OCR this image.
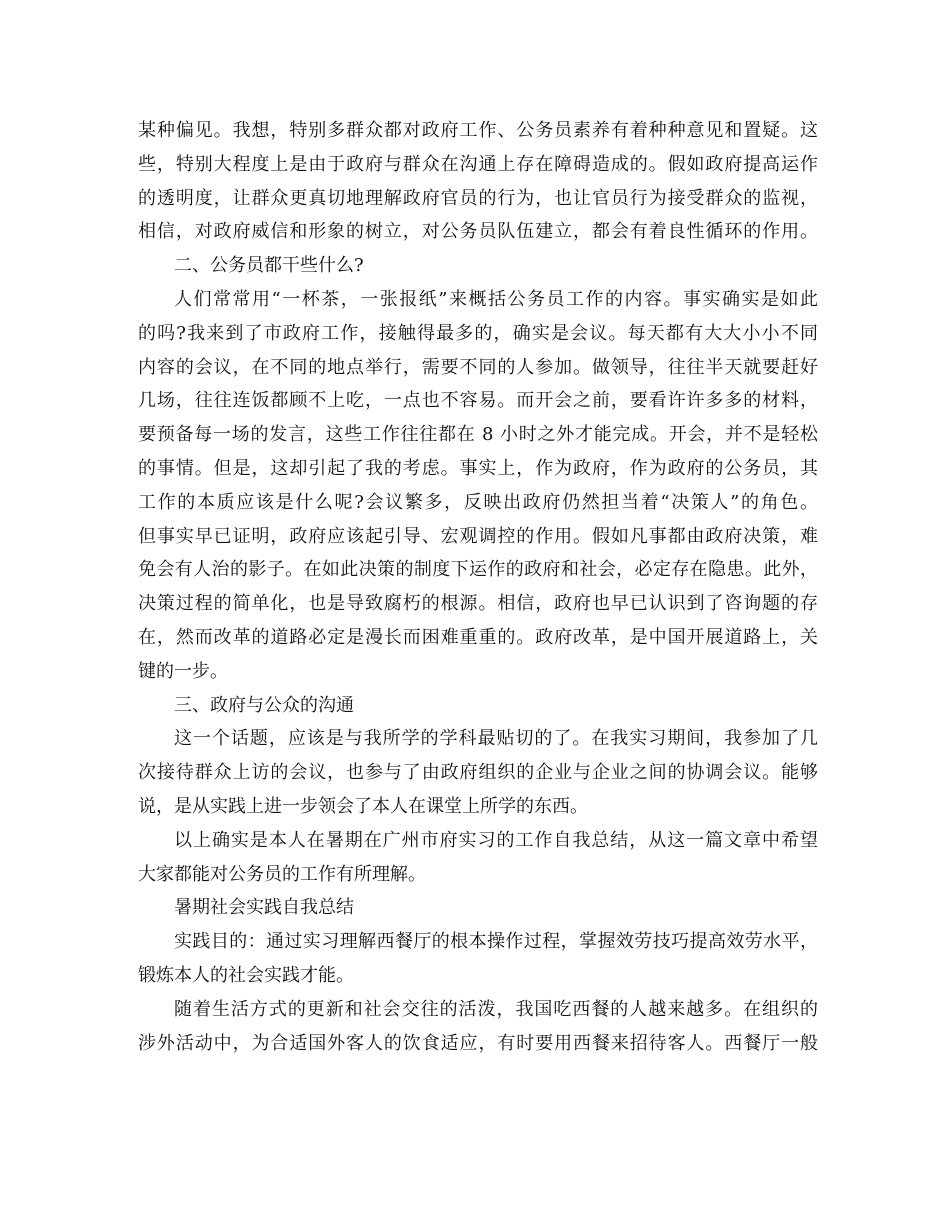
某种偏见。我想，特别多群众都对政府工作、公务员素养有着种种意见和置疑。这
些，特别大程度上是由于政府与群众在沟通上存在障碍造成的。假如政府提高运作
的透明度，让群众更真切地理解政府官员的行为，也让官员行为接受群众的监视，
相信，对政府威信和形象的树立，对公务员队伍建立，都会有着良性循环的作用。
二、公务员都干些什么?
人们常常用“一杯茶，一张报纸”来概括公务员工作的内容。事实确实是如此
的吗?我来到了市政府工作，接触得最多的，确实是会议。每天都有大大小小不同
内容的会议，在不同的地点举行，需要不同的人参加。做领导，往往半天就要赶好
几场，往往连饭都顾不上吃，一点也不容易。而开会之前，要看许许多多的材料，
要预备每一场的发言，这些工作往往都在 8 小时之外才能完成。开会，并不是轻松
的事情。但是，这却引起了我的考虑。事实上，作为政府，作为政府的公务员，其
工作的本质应该是什么呢?会议繁多，反映出政府仍然担当着“决策人”的角色。
但事实早已证明，政府应该起引导、宏观调控的作用。假如凡事都由政府决策，难
免会有人治的影子。在如此决策的制度下运作的政府和社会，必定存在隐患。此外，
决策过程的简单化，也是导致腐朽的根源。相信，政府也早已认识到了咨询题的存
在，然而改革的道路必定是漫长而困难重重的。政府改革，是中国开展道路上，关
键的一步。
三、政府与公众的沟通
这一个话题，应该是与我所学的学科最贴切的了。在我实习期间，我参加了几
次接待群众上访的会议，也参与了由政府组织的企业与企业之间的协调会议。能够
说，是从实践上进一步领会了本人在课堂上所学的东西。
以上确实是本人在暑期在广州市府实习的工作自我总结，从这一篇文章中希望
大家都能对公务员的工作有所理解。
暑期社会实践自我总结
实践目的：通过实习理解西餐厅的根本操作过程，掌握效劳技巧提高效劳水平，
锻炼本人的社会实践才能。
随着生活方式的更新和社会交往的活泼，我国吃西餐的人越来越多。在组织的
涉外活动中，为合适国外客人的饮食适应，有时要用西餐来招待客人。西餐厅一般
